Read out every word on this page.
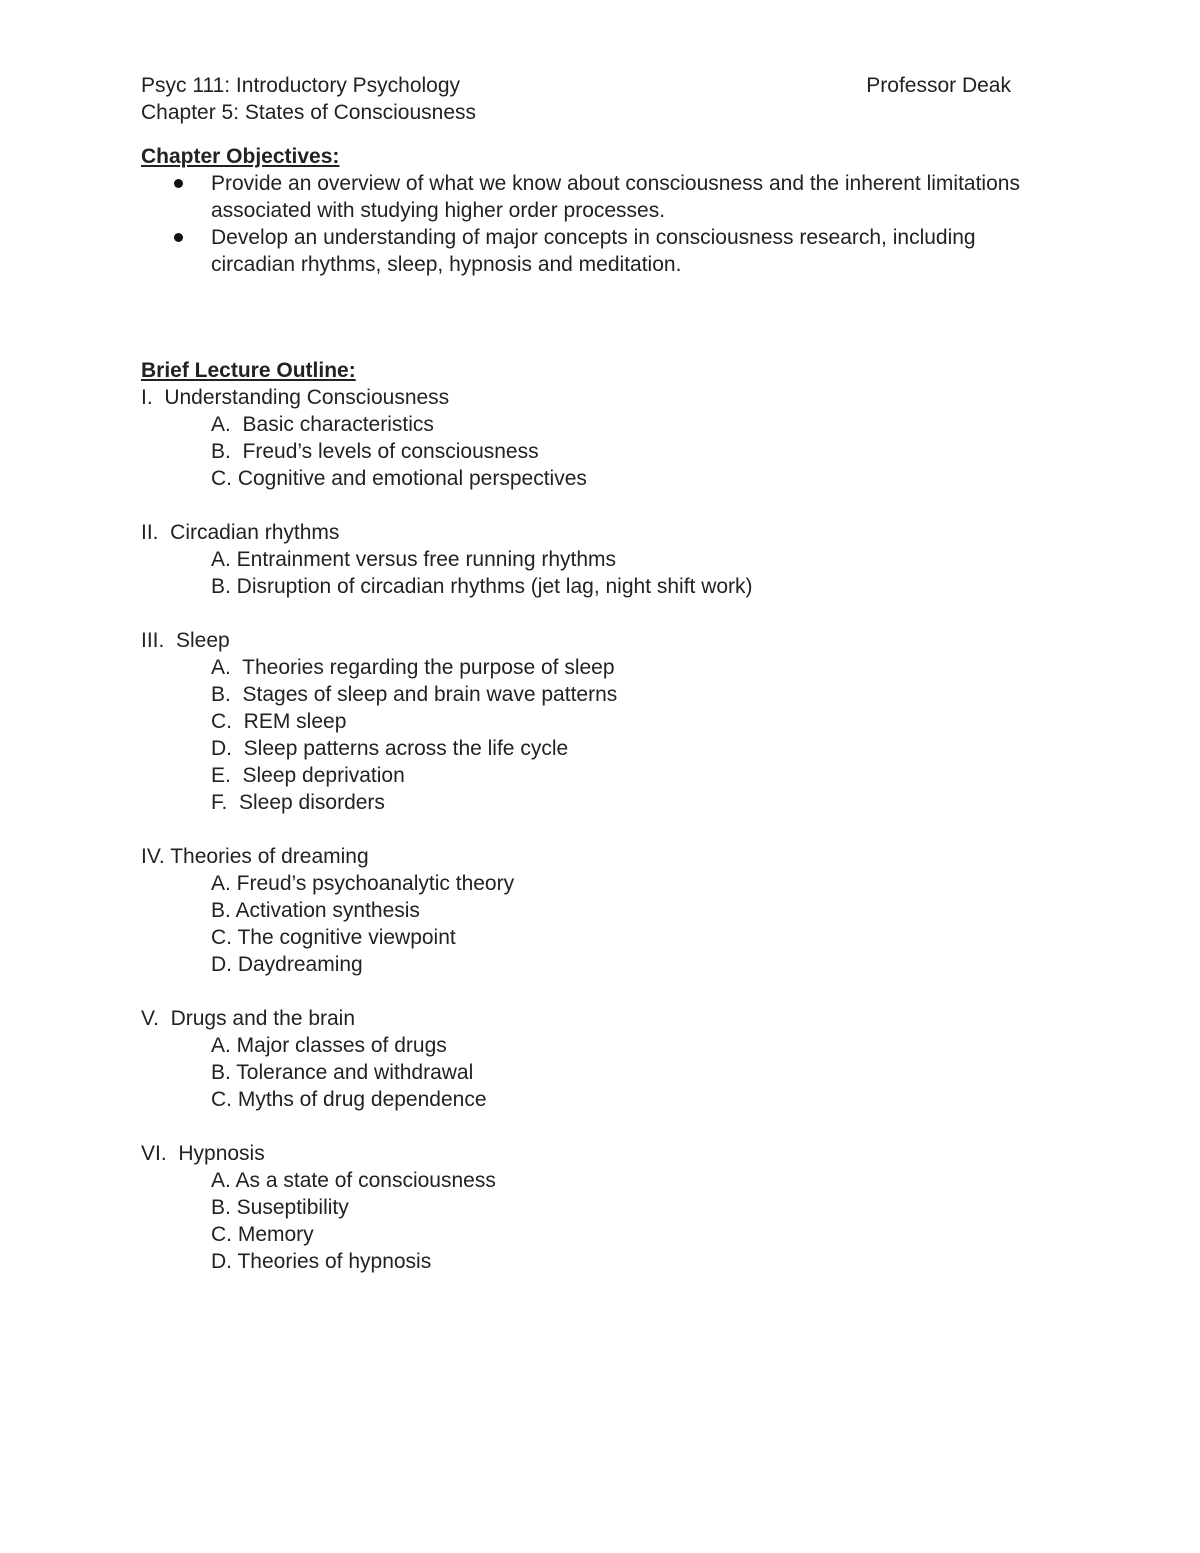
Psyc 111: Introductory Psychology	Professor Deak
Chapter 5: States of Consciousness
Chapter Objectives:
Provide an overview of what we know about consciousness and the inherent limitations associated with studying higher order processes.
Develop an understanding of major concepts in consciousness research, including circadian rhythms, sleep, hypnosis and meditation.
Brief Lecture Outline:
I.  Understanding Consciousness
A.  Basic characteristics
B.  Freud’s levels of consciousness
C. Cognitive and emotional perspectives
II.  Circadian rhythms
A. Entrainment versus free running rhythms
B. Disruption of circadian rhythms (jet lag, night shift work)
III.  Sleep
A.  Theories regarding the purpose of sleep
B.  Stages of sleep and brain wave patterns
C.  REM sleep
D.  Sleep patterns across the life cycle
E.  Sleep deprivation
F.  Sleep disorders
IV. Theories of dreaming
A. Freud’s psychoanalytic theory
B. Activation synthesis
C. The cognitive viewpoint
D. Daydreaming
V.  Drugs and the brain
A. Major classes of drugs
B. Tolerance and withdrawal
C. Myths of drug dependence
VI.  Hypnosis
A. As a state of consciousness
B. Suseptibility
C. Memory
D. Theories of hypnosis
